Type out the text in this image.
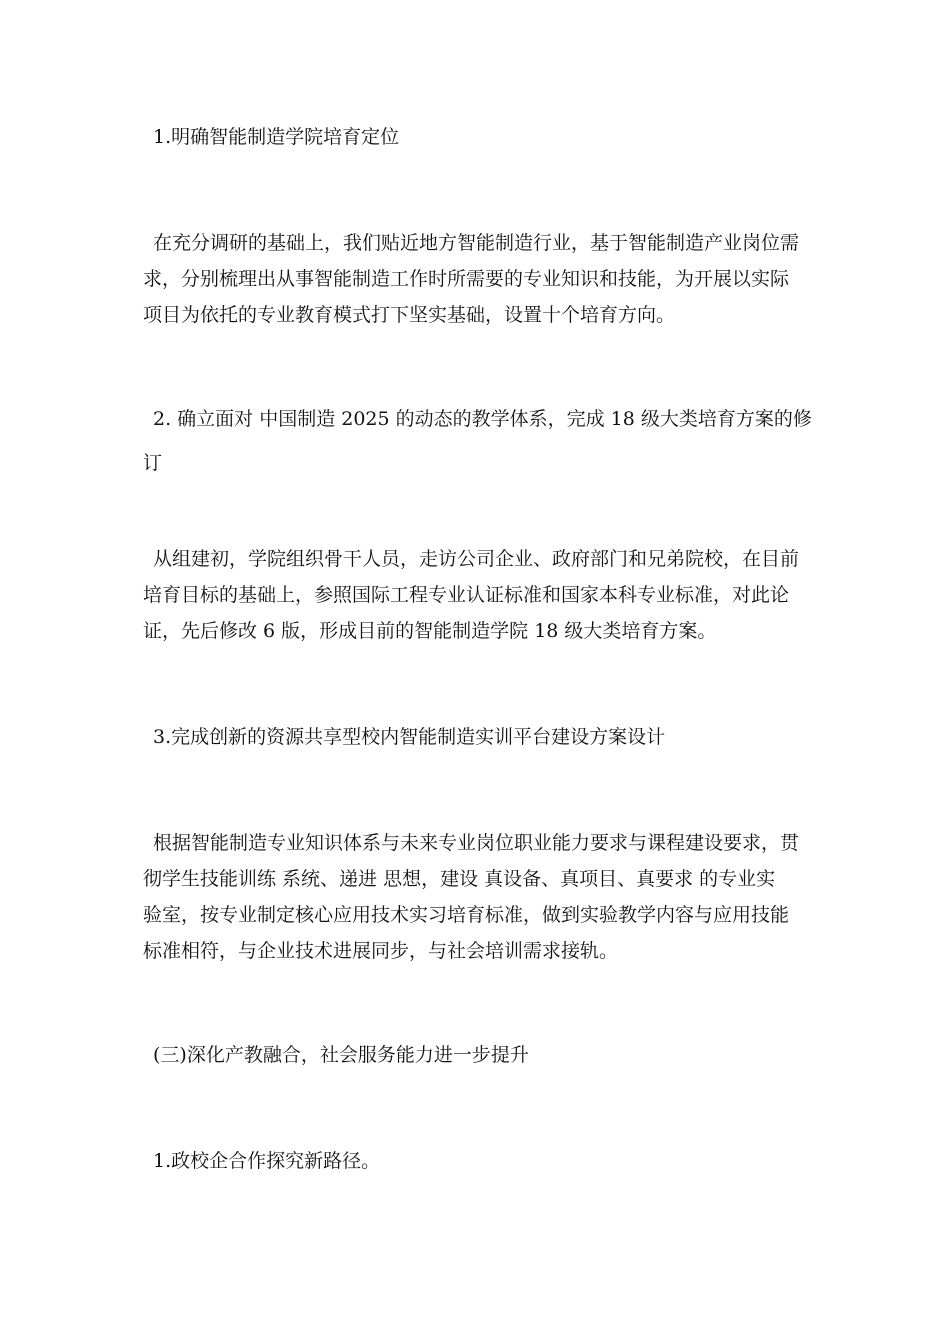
1.明确智能制造学院培育定位
在充分调研的基础上，我们贴近地方智能制造行业，基于智能制造产业岗位需
求，分别梳理出从事智能制造工作时所需要的专业知识和技能，为开展以实际
项目为依托的专业教育模式打下坚实基础，设置十个培育方向。
2. 确立面对 中国制造 2025 的动态的教学体系，完成 18 级大类培育方案的修
订
从组建初，学院组织骨干人员，走访公司企业、政府部门和兄弟院校，在目前
培育目标的基础上，参照国际工程专业认证标准和国家本科专业标准，对此论
证，先后修改 6 版，形成目前的智能制造学院 18 级大类培育方案。
3.完成创新的资源共享型校内智能制造实训平台建设方案设计
根据智能制造专业知识体系与未来专业岗位职业能力要求与课程建设要求，贯
彻学生技能训练 系统、递进 思想，建设 真设备、真项目、真要求 的专业实
验室，按专业制定核心应用技术实习培育标准，做到实验教学内容与应用技能
标准相符，与企业技术进展同步，与社会培训需求接轨。
(三)深化产教融合，社会服务能力进一步提升
1.政校企合作探究新路径。
